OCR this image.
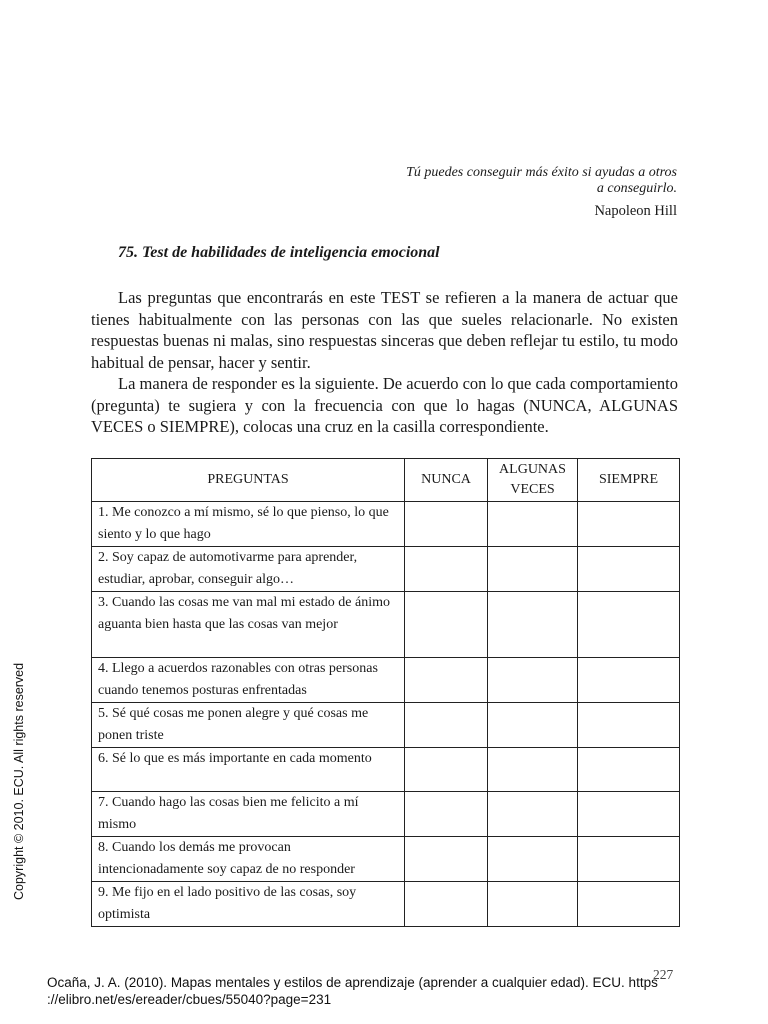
Tú puedes conseguir más éxito si ayudas a otros
a conseguirlo.
Napoleon Hill
75. Test de habilidades de inteligencia emocional

Las preguntas que encontrarás en este TEST se refieren a la manera de actuar que tienes habitualmente con las personas con las que sueles relacionarle. No existen respuestas buenas ni malas, sino respuestas sinceras que deben reflejar tu estilo, tu modo habitual de pensar, hacer y sentir.

La manera de responder es la siguiente. De acuerdo con lo que cada comportamiento (pregunta) te sugiera y con la frecuencia con que lo hagas (NUNCA, ALGUNAS VECES o SIEMPRE), colocas una cruz en la casilla correspondiente.

PREGUNTAS	NUNCA	ALGUNAS VECES	SIEMPRE
1. Me conozco a mí mismo, sé lo que pienso, lo que siento y lo que hago			
2. Soy capaz de automotivarme para aprender, estudiar, aprobar, conseguir algo…			
3. Cuando las cosas me van mal mi estado de ánimo aguanta bien hasta que las cosas van mejor			
4. Llego a acuerdos razonables con otras personas cuando tenemos posturas enfrentadas			
5. Sé qué cosas me ponen alegre y qué cosas me ponen triste			
6. Sé lo que es más importante en cada momento			
7. Cuando hago las cosas bien me felicito a mí mismo			
8. Cuando los demás me provocan intencionadamente soy capaz de no responder			
9. Me fijo en el lado positivo de las cosas, soy optimista			
Copyright © 2010. ECU. All rights reserved
227
Ocaña, J. A. (2010). Mapas mentales y estilos de aprendizaje (aprender a cualquier edad). ECU. https ://elibro.net/es/ereader/cbues/55040?page=231
